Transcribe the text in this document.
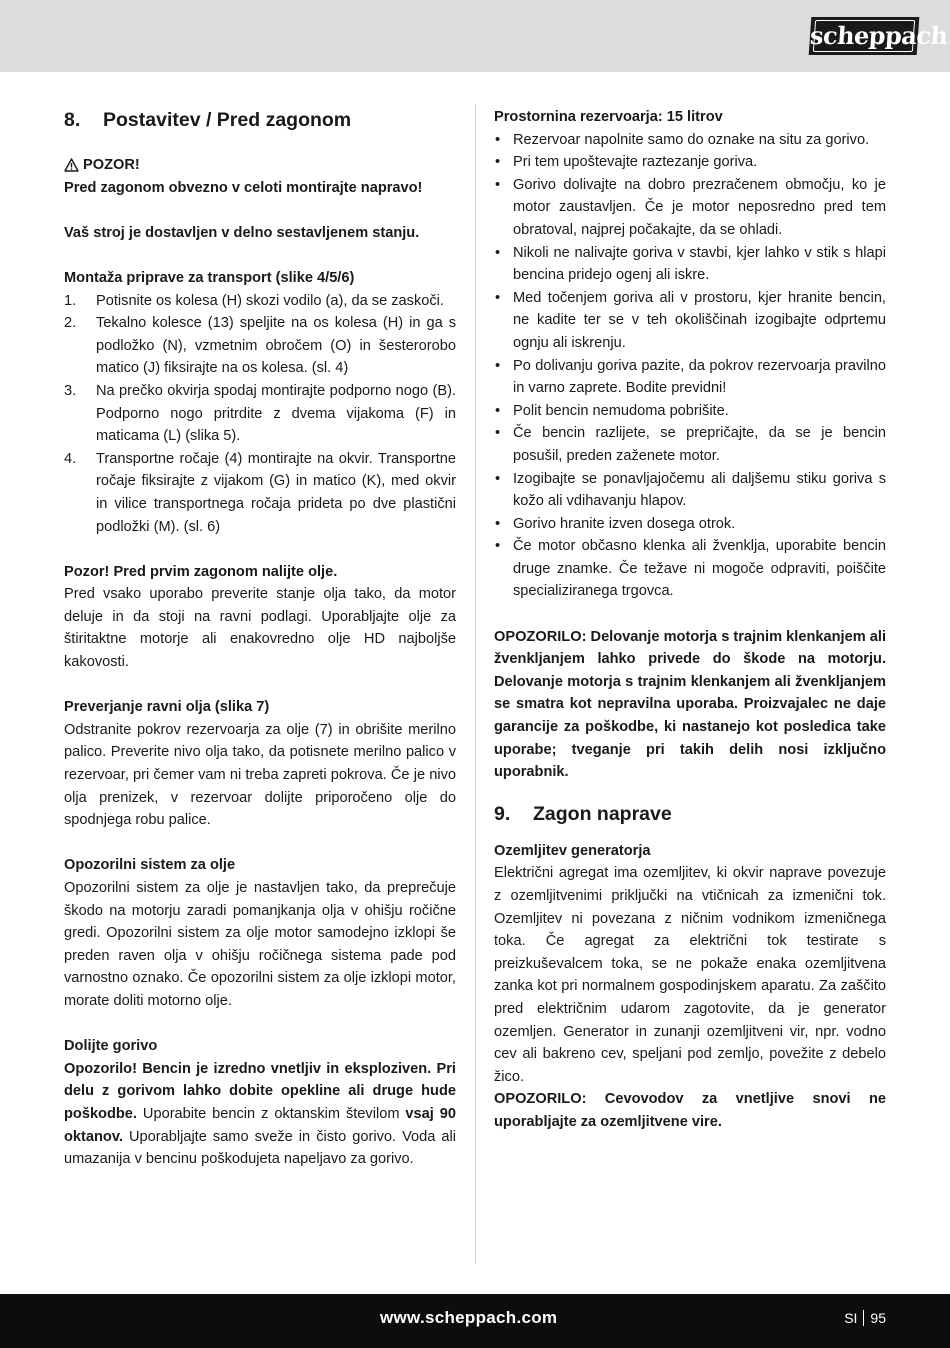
scheppach
8.	Postavitev / Pred zagonom
POZOR!

Pred zagonom obvezno v celoti montirajte napravo!

Vaš stroj je dostavljen v delno sestavljenem stanju.

Montaža priprave za transport (slike 4/5/6)

1.	Potisnite os kolesa (H) skozi vodilo (a), da se zaskoči.
2.	Tekalno kolesce (13) speljite na os kolesa (H) in ga s podložko (N), vzmetnim obročem (O) in šesterorobo matico (J) fiksirajte na os kolesa. (sl. 4)
3.	Na prečko okvirja spodaj montirajte podporno nogo (B). Podporno nogo pritrdite z dvema vijakoma (F) in maticama (L) (slika 5).
4.	Transportne ročaje (4) montirajte na okvir. Transportne ročaje fiksirajte z vijakom (G) in matico (K), med okvir in vilice transportnega ročaja prideta po dve plastični podložki (M). (sl. 6)

Pozor! Pred prvim zagonom nalijte olje.

Pred vsako uporabo preverite stanje olja tako, da motor deluje in da stoji na ravni podlagi. Uporabljajte olje za štiritaktne motorje ali enakovredno olje HD najboljše kakovosti.

Preverjanje ravni olja (slika 7)

Odstranite pokrov rezervoarja za olje (7) in obrišite merilno palico. Preverite nivo olja tako, da potisnete merilno palico v rezervoar, pri čemer vam ni treba zapreti pokrova. Če je nivo olja prenizek, v rezervoar dolijte priporočeno olje do spodnjega robu palice.

Opozorilni sistem za olje

Opozorilni sistem za olje je nastavljen tako, da preprečuje škodo na motorju zaradi pomanjkanja olja v ohišju ročične gredi. Opozorilni sistem za olje motor samodejno izklopi še preden raven olja v ohišju ročičnega sistema pade pod varnostno oznako. Če opozorilni sistem za olje izklopi motor, morate doliti motorno olje.

Dolijte gorivo

Opozorilo! Bencin je izredno vnetljiv in eksploziven. Pri delu z gorivom lahko dobite opekline ali druge hude poškodbe. Uporabite bencin z oktanskim številom vsaj 90 oktanov. Uporabljajte samo sveže in čisto gorivo. Voda ali umazanija v bencinu poškodujeta napeljavo za gorivo.

Prostornina rezervoarja: 15 litrov

• Rezervoar napolnite samo do oznake na situ za gorivo.
• Pri tem upoštevajte raztezanje goriva.
• Gorivo dolivajte na dobro prezračenem območju, ko je motor zaustavljen. Če je motor neposredno pred tem obratoval, najprej počakajte, da se ohladi.
• Nikoli ne nalivajte goriva v stavbi, kjer lahko v stik s hlapi bencina pridejo ogenj ali iskre.
• Med točenjem goriva ali v prostoru, kjer hranite bencin, ne kadite ter se v teh okoliščinah izogibajte odprtemu ognju ali iskrenju.
• Po dolivanju goriva pazite, da pokrov rezervoarja pravilno in varno zaprete. Bodite previdni!
• Polit bencin nemudoma pobrišite.
• Če bencin razlijete, se prepričajte, da se je bencin posušil, preden zaženete motor.
• Izogibajte se ponavljajočemu ali daljšemu stiku goriva s kožo ali vdihavanju hlapov.
• Gorivo hranite izven dosega otrok.
• Če motor občasno klenka ali žvenklja, uporabite bencin druge znamke. Če težave ni mogoče odpraviti, poiščite specializiranega trgovca.

OPOZORILO: Delovanje motorja s trajnim klenkanjem ali žvenkljanjem lahko privede do škode na motorju. Delovanje motorja s trajnim klenkanjem ali žvenkljanjem se smatra kot nepravilna uporaba. Proizvajalec ne daje garancije za poškodbe, ki nastanejo kot posledica take uporabe; tveganje pri takih delih nosi izključno uporabnik.

9.	Zagon naprave

Ozemljitev generatorja

Električni agregat ima ozemljitev, ki okvir naprave povezuje z ozemljitvenimi priključki na vtičnicah za izmenični tok. Ozemljitev ni povezana z ničnim vodnikom izmeničnega toka. Če agregat za električni tok testirate s preizkuševalcem toka, se ne pokaže enaka ozemljitvena zanka kot pri normalnem gospodinjskem aparatu. Za zaščito pred električnim udarom zagotovite, da je generator ozemljen. Generator in zunanji ozemljitveni vir, npr. vodno cev ali bakreno cev, speljani pod zemljo, povežite z debelo žico.

OPOZORILO: Cevovodov za vnetljive snovi ne uporabljajte za ozemljitvene vire.

www.scheppach.com	SI 95
